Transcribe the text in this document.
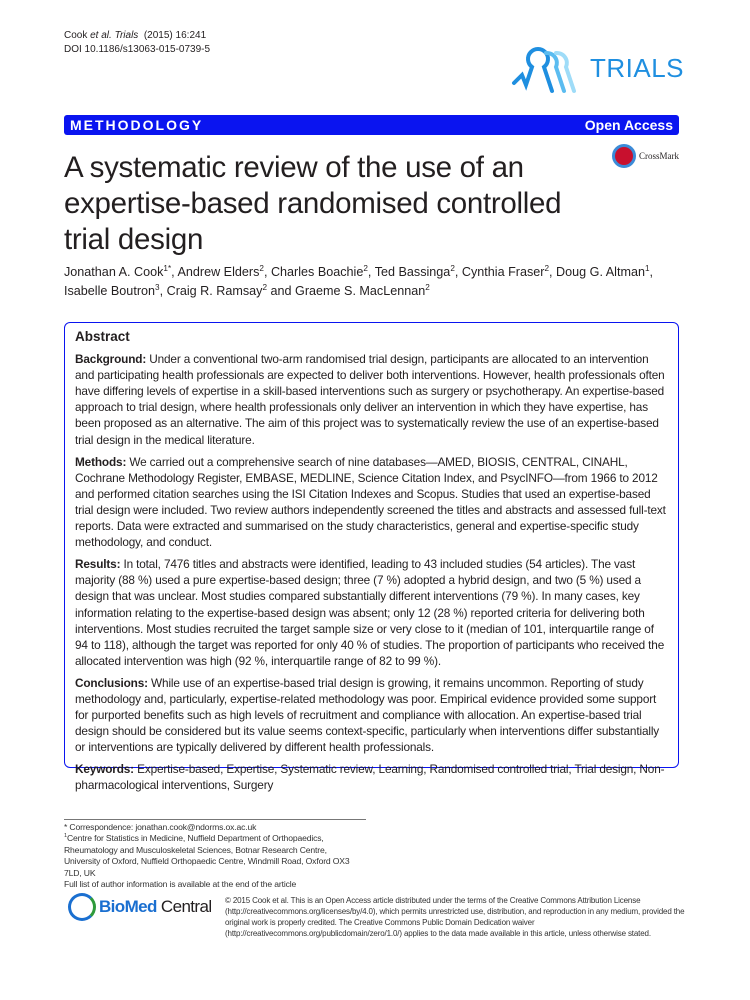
Cook et al. Trials  (2015) 16:241
DOI 10.1186/s13063-015-0739-5
TRIALS
METHODOLOGY	Open Access
CrossMark
A systematic review of the use of an expertise-based randomised controlled trial design
Jonathan A. Cook$^{1*}$, Andrew Elders$^2$, Charles Boachie$^2$, Ted Bassinga$^2$, Cynthia Fraser$^2$, Doug G. Altman$^1$,
Isabelle Boutron$^3$, Craig R. Ramsay$^2$ and Graeme S. MacLennan$^2$
Abstract

Background: Under a conventional two-arm randomised trial design, participants are allocated to an intervention and participating health professionals are expected to deliver both interventions. However, health professionals often have differing levels of expertise in a skill-based interventions such as surgery or psychotherapy. An expertise-based approach to trial design, where health professionals only deliver an intervention in which they have expertise, has been proposed as an alternative. The aim of this project was to systematically review the use of an expertise-based trial design in the medical literature.

Methods: We carried out a comprehensive search of nine databases—AMED, BIOSIS, CENTRAL, CINAHL, Cochrane Methodology Register, EMBASE, MEDLINE, Science Citation Index, and PsycINFO—from 1966 to 2012 and performed citation searches using the ISI Citation Indexes and Scopus. Studies that used an expertise-based trial design were included. Two review authors independently screened the titles and abstracts and assessed full-text reports. Data were extracted and summarised on the study characteristics, general and expertise-specific study methodology, and conduct.

Results: In total, 7476 titles and abstracts were identified, leading to 43 included studies (54 articles). The vast majority (88 %) used a pure expertise-based design; three (7 %) adopted a hybrid design, and two (5 %) used a design that was unclear. Most studies compared substantially different interventions (79 %). In many cases, key information relating to the expertise-based design was absent; only 12 (28 %) reported criteria for delivering both interventions. Most studies recruited the target sample size or very close to it (median of 101, interquartile range of 94 to 118), although the target was reported for only 40 % of studies. The proportion of participants who received the allocated intervention was high (92 %, interquartile range of 82 to 99 %).

Conclusions: While use of an expertise-based trial design is growing, it remains uncommon. Reporting of study methodology and, particularly, expertise-related methodology was poor. Empirical evidence provided some support for purported benefits such as high levels of recruitment and compliance with allocation. An expertise-based trial design should be considered but its value seems context-specific, particularly when interventions differ substantially or interventions are typically delivered by different health professionals.

Keywords: Expertise-based, Expertise, Systematic review, Learning, Randomised controlled trial, Trial design, Non-pharmacological interventions, Surgery

* Correspondence: jonathan.cook@ndorms.ox.ac.uk
$^1$Centre for Statistics in Medicine, Nuffield Department of Orthopaedics, Rheumatology and Musculoskeletal Sciences, Botnar Research Centre, University of Oxford, Nuffield Orthopaedic Centre, Windmill Road, Oxford OX3 7LD, UK
Full list of author information is available at the end of the article
BioMed Central © 2015 Cook et al. This is an Open Access article distributed under the terms of the Creative Commons Attribution License (http://creativecommons.org/licenses/by/4.0), which permits unrestricted use, distribution, and reproduction in any medium, provided the original work is properly credited. The Creative Commons Public Domain Dedication waiver (http://creativecommons.org/publicdomain/zero/1.0/) applies to the data made available in this article, unless otherwise stated.
